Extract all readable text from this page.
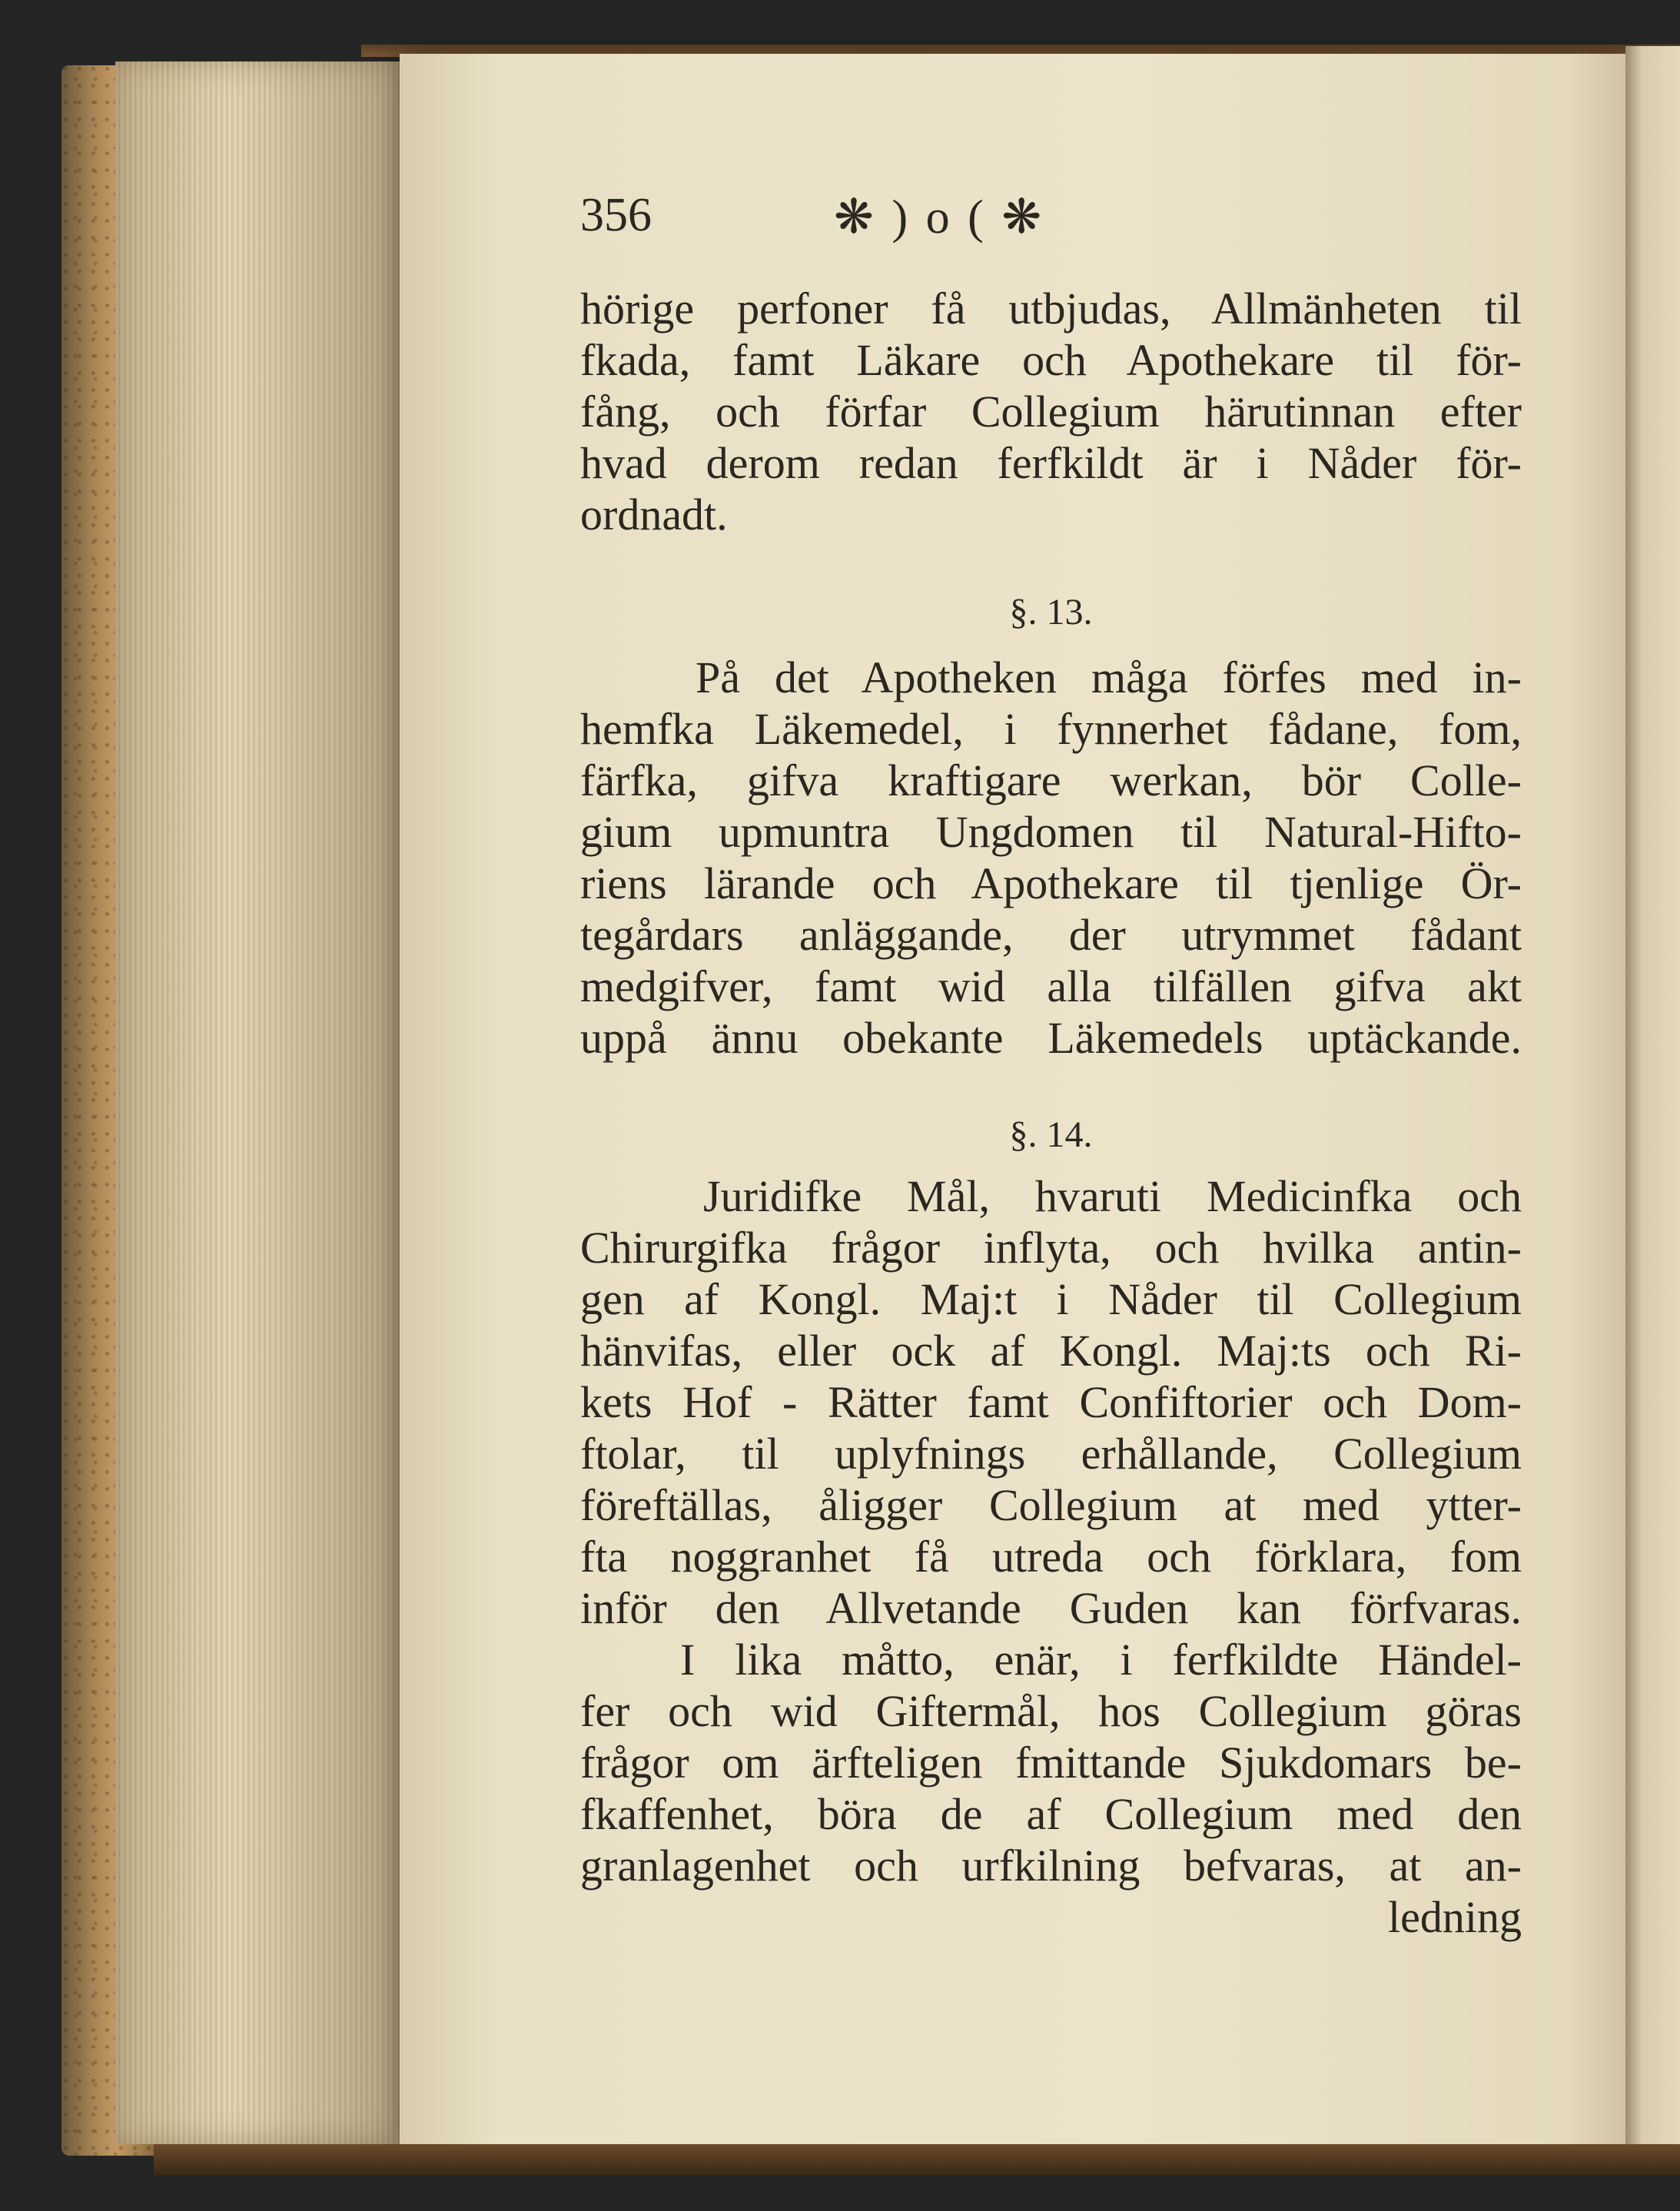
356	❋ ) o ( ❋
hörige perfoner få utbjudas, Allmänheten til
fkada, famt Läkare och Apothekare til för-
fång, och förfar Collegium härutinnan efter
hvad derom redan ferfkildt är i Nåder för-
ordnadt.
§. 13.
På det Apotheken måga förfes med in-
hemfka Läkemedel, i fynnerhet fådane, fom,
färfka, gifva kraftigare werkan, bör Colle-
gium upmuntra Ungdomen til Natural-Hifto-
riens lärande och Apothekare til tjenlige Ör-
tegårdars anläggande, der utrymmet fådant
medgifver, famt wid alla tilfällen gifva akt
uppå ännu obekante Läkemedels uptäckande.
§. 14.
Juridifke Mål, hvaruti Medicinfka och
Chirurgifka frågor inflyta, och hvilka antin-
gen af Kongl. Maj:t i Nåder til Collegium
hänvifas, eller ock af Kongl. Maj:ts och Ri-
kets Hof - Rätter famt Confiftorier och Dom-
ftolar, til uplyfnings erhållande, Collegium
föreftällas, åligger Collegium at med ytter-
fta noggranhet få utreda och förklara, fom
inför den Allvetande Guden kan förfvaras.
I lika måtto, enär, i ferfkildte Händel-
fer och wid Giftermål, hos Collegium göras
frågor om ärfteligen fmittande Sjukdomars be-
fkaffenhet, böra de af Collegium med den
granlagenhet och urfkilning befvaras, at an-
ledning
